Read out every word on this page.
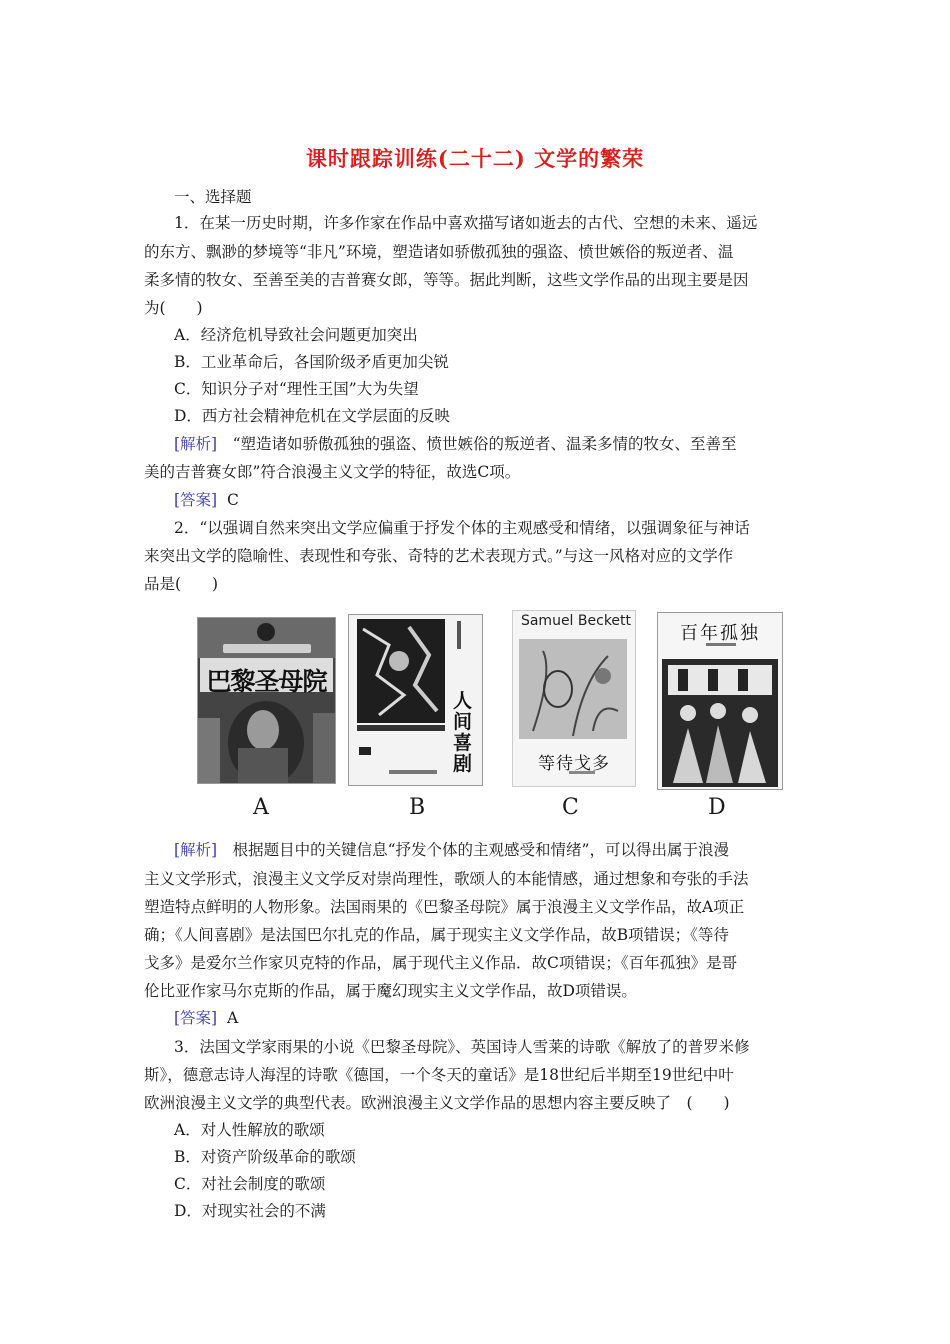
课时跟踪训练(二十二) 文学的繁荣
一、选择题
1．在某一历史时期，许多作家在作品中喜欢描写诸如逝去的古代、空想的未来、遥远
的东方、飘渺的梦境等“非凡”环境，塑造诸如骄傲孤独的强盗、愤世嫉俗的叛逆者、温
柔多情的牧女、至善至美的吉普赛女郎，等等。据此判断，这些文学作品的出现主要是因
为(　　)
A．经济危机导致社会问题更加突出
B．工业革命后，各国阶级矛盾更加尖锐
C．知识分子对“理性王国”大为失望
D．西方社会精神危机在文学层面的反映
[解析]　“塑造诸如骄傲孤独的强盗、愤世嫉俗的叛逆者、温柔多情的牧女、至善至
美的吉普赛女郎”符合浪漫主义文学的特征，故选C项。
[答案] C
2．“以强调自然来突出文学应偏重于抒发个体的主观感受和情绪，以强调象征与神话
来突出文学的隐喻性、表现性和夸张、奇特的艺术表现方式。”与这一风格对应的文学作
品是(　　)
巴黎圣母院
人间喜剧
Samuel Beckett
等待戈多
百年孤独
A	B	C	D
[解析]　根据题目中的关键信息“抒发个体的主观感受和情绪”，可以得出属于浪漫
主义文学形式，浪漫主义文学反对崇尚理性，歌颂人的本能情感，通过想象和夸张的手法
塑造特点鲜明的人物形象。法国雨果的《巴黎圣母院》属于浪漫主义文学作品，故A项正
确；《人间喜剧》是法国巴尔扎克的作品，属于现实主义文学作品，故B项错误；《等待
戈多》是爱尔兰作家贝克特的作品，属于现代主义作品．故C项错误；《百年孤独》是哥
伦比亚作家马尔克斯的作品，属于魔幻现实主义文学作品，故D项错误。
[答案] A
3．法国文学家雨果的小说《巴黎圣母院》、英国诗人雪莱的诗歌《解放了的普罗米修
斯》，德意志诗人海涅的诗歌《德国，一个冬天的童话》是18世纪后半期至19世纪中叶
欧洲浪漫主义文学的典型代表。欧洲浪漫主义文学作品的思想内容主要反映了　(　　)
A．对人性解放的歌颂
B．对资产阶级革命的歌颂
C．对社会制度的歌颂
D．对现实社会的不满
